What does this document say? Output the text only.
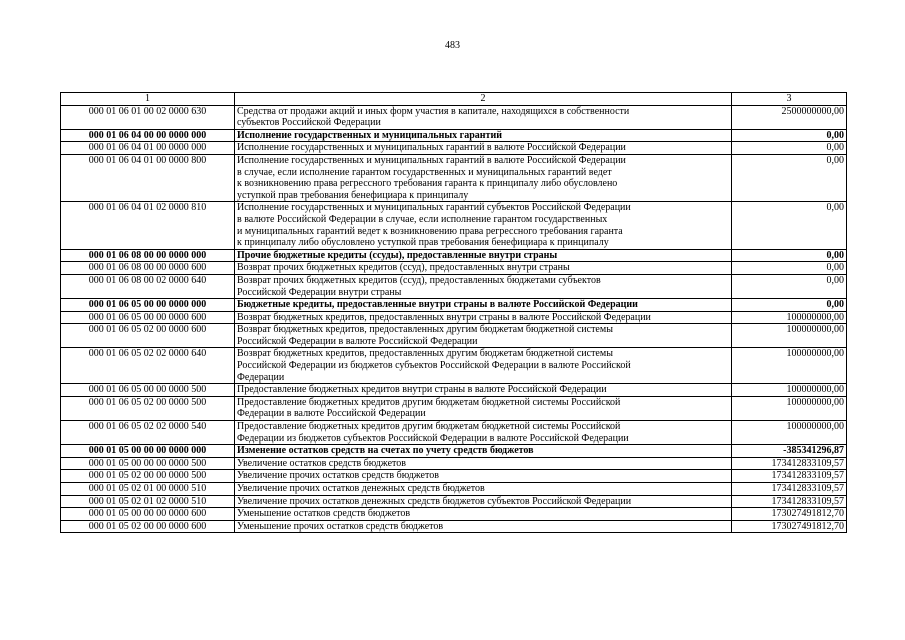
483
1	2	3
000 01 06 01 00 02 0000 630	Средства от продажи акций и иных форм участия в капитале, находящихся в собственности
субъектов Российской Федерации	2500000000,00
000 01 06 04 00 00 0000 000	Исполнение государственных и муниципальных гарантий	0,00
000 01 06 04 01 00 0000 000	Исполнение государственных и муниципальных гарантий в валюте Российской Федерации	0,00
000 01 06 04 01 00 0000 800	Исполнение государственных и муниципальных гарантий в валюте Российской Федерации
в случае, если исполнение гарантом государственных и муниципальных гарантий ведет
к возникновению права регрессного требования гаранта к принципалу либо обусловлено
уступкой прав требования бенефициара к принципалу	0,00
000 01 06 04 01 02 0000 810	Исполнение государственных и муниципальных гарантий субъектов Российской Федерации
в валюте Российской Федерации в случае, если исполнение гарантом государственных
и муниципальных гарантий ведет к возникновению права регрессного требования гаранта
к принципалу либо обусловлено уступкой прав требования бенефициара к принципалу	0,00
000 01 06 08 00 00 0000 000	Прочие бюджетные кредиты (ссуды), предоставленные внутри страны	0,00
000 01 06 08 00 00 0000 600	Возврат прочих бюджетных кредитов (ссуд), предоставленных внутри страны	0,00
000 01 06 08 00 02 0000 640	Возврат прочих бюджетных кредитов (ссуд), предоставленных бюджетами субъектов
Российской Федерации внутри страны	0,00
000 01 06 05 00 00 0000 000	Бюджетные кредиты, предоставленные внутри страны в валюте Российской Федерации	0,00
000 01 06 05 00 00 0000 600	Возврат бюджетных кредитов, предоставленных внутри страны в валюте Российской Федерации	100000000,00
000 01 06 05 02 00 0000 600	Возврат бюджетных кредитов, предоставленных другим бюджетам бюджетной системы
Российской Федерации в валюте Российской Федерации	100000000,00
000 01 06 05 02 02 0000 640	Возврат бюджетных кредитов, предоставленных другим бюджетам бюджетной системы
Российской Федерации из бюджетов субъектов Российской Федерации в валюте Российской
Федерации	100000000,00
000 01 06 05 00 00 0000 500	Предоставление бюджетных кредитов внутри страны в валюте Российской Федерации	100000000,00
000 01 06 05 02 00 0000 500	Предоставление бюджетных кредитов другим бюджетам бюджетной системы Российской
Федерации в валюте Российской Федерации	100000000,00
000 01 06 05 02 02 0000 540	Предоставление бюджетных кредитов другим бюджетам бюджетной системы Российской
Федерации из бюджетов субъектов Российской Федерации в валюте Российской Федерации	100000000,00
000 01 05 00 00 00 0000 000	Изменение остатков средств на счетах по учету средств бюджетов	-385341296,87
000 01 05 00 00 00 0000 500	Увеличение остатков средств бюджетов	173412833109,57
000 01 05 02 00 00 0000 500	Увеличение прочих остатков средств бюджетов	173412833109,57
000 01 05 02 01 00 0000 510	Увеличение прочих остатков денежных средств бюджетов	173412833109,57
000 01 05 02 01 02 0000 510	Увеличение прочих остатков денежных средств бюджетов субъектов Российской Федерации	173412833109,57
000 01 05 00 00 00 0000 600	Уменьшение остатков средств бюджетов	173027491812,70
000 01 05 02 00 00 0000 600	Уменьшение прочих остатков средств бюджетов	173027491812,70
